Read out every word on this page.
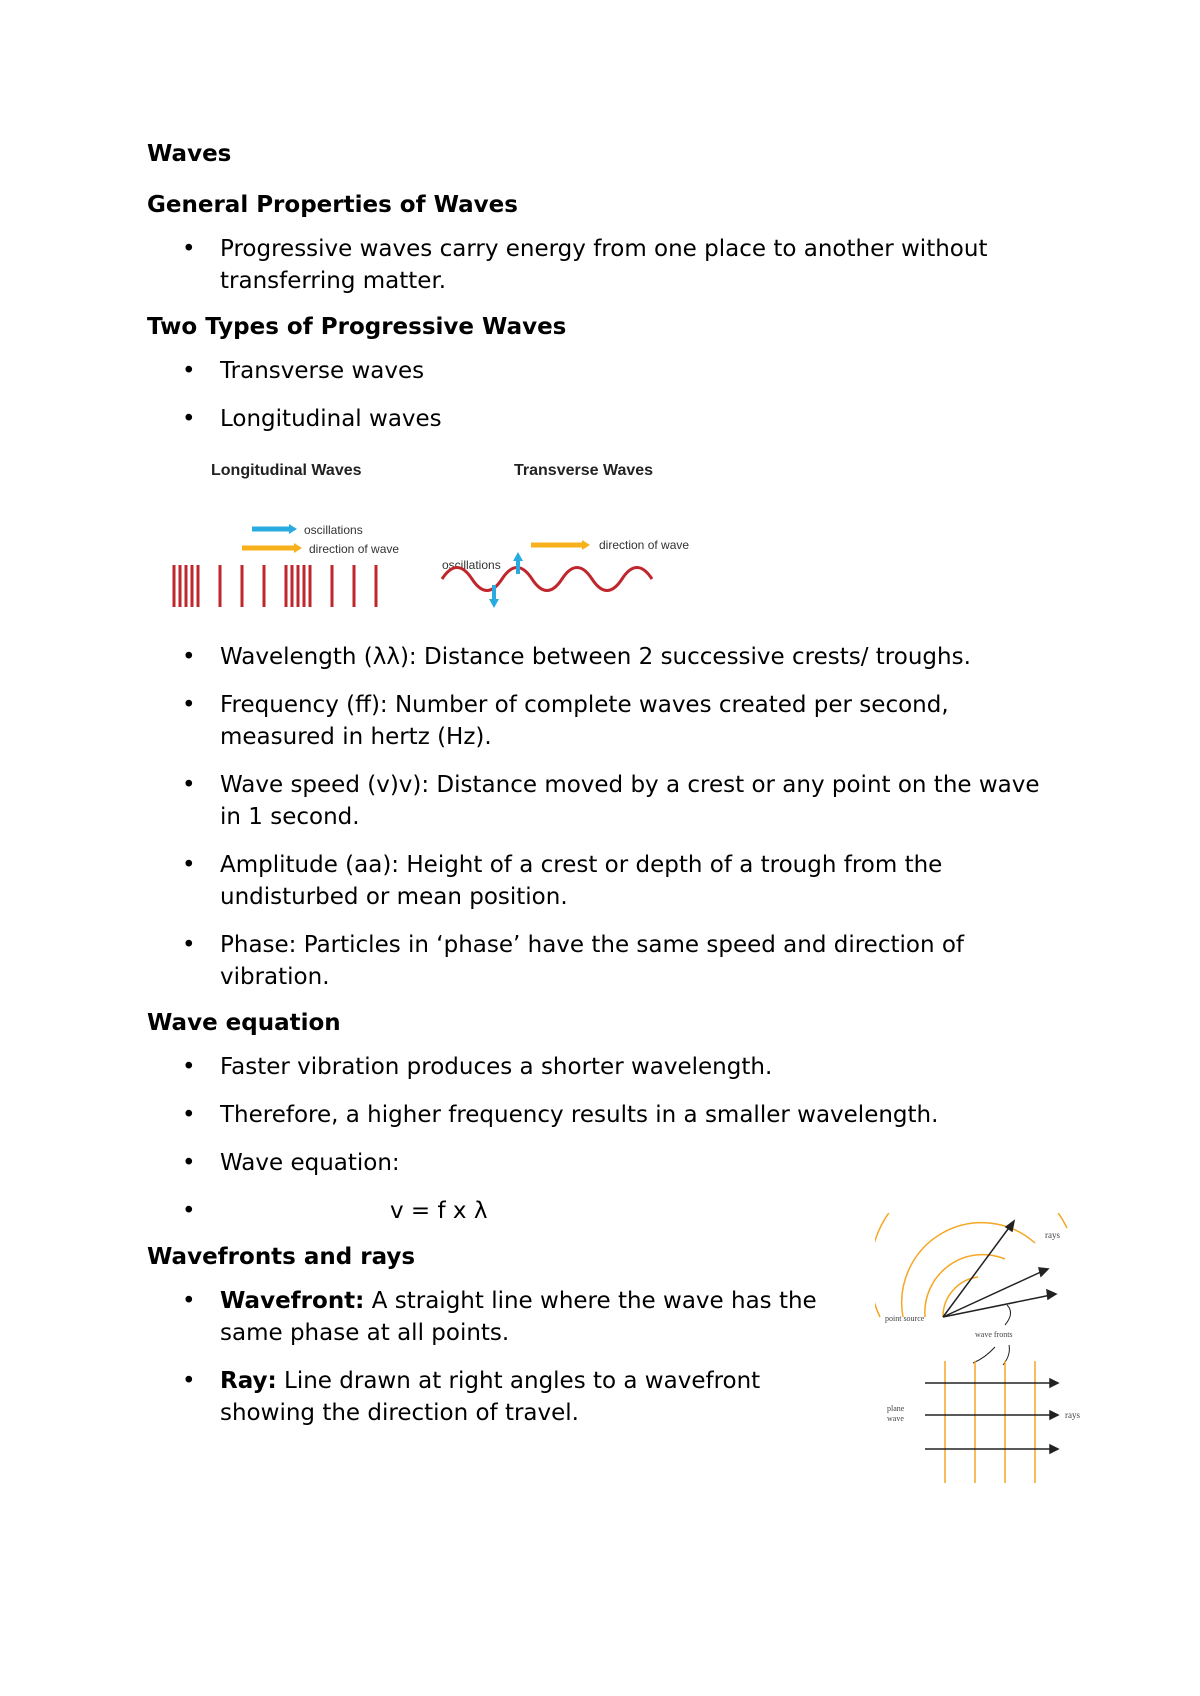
Waves
General Properties of Waves
• Progressive waves carry energy from one place to another without transferring matter.
Two Types of Progressive Waves
• Transverse waves
• Longitudinal waves
Longitudinal Waves	Transverse Waves
oscillations
direction of wave
oscillations
direction of wave
• Wavelength (λλ): Distance between 2 successive crests/ troughs.
• Frequency (ff): Number of complete waves created per second, measured in hertz (Hz).
• Wave speed (v)v): Distance moved by a crest or any point on the wave in 1 second.
• Amplitude (aa): Height of a crest or depth of a trough from the undisturbed or mean position.
• Phase: Particles in ‘phase’ have the same speed and direction of vibration.
Wave equation
• Faster vibration produces a shorter wavelength.
• Therefore, a higher frequency results in a smaller wavelength.
• Wave equation:
• v = f x λ
Wavefronts and rays
• Wavefront: A straight line where the wave has the same phase at all points.
• Ray: Line drawn at right angles to a wavefront showing the direction of travel.
rays
point source
wave fronts
plane
wave	rays
